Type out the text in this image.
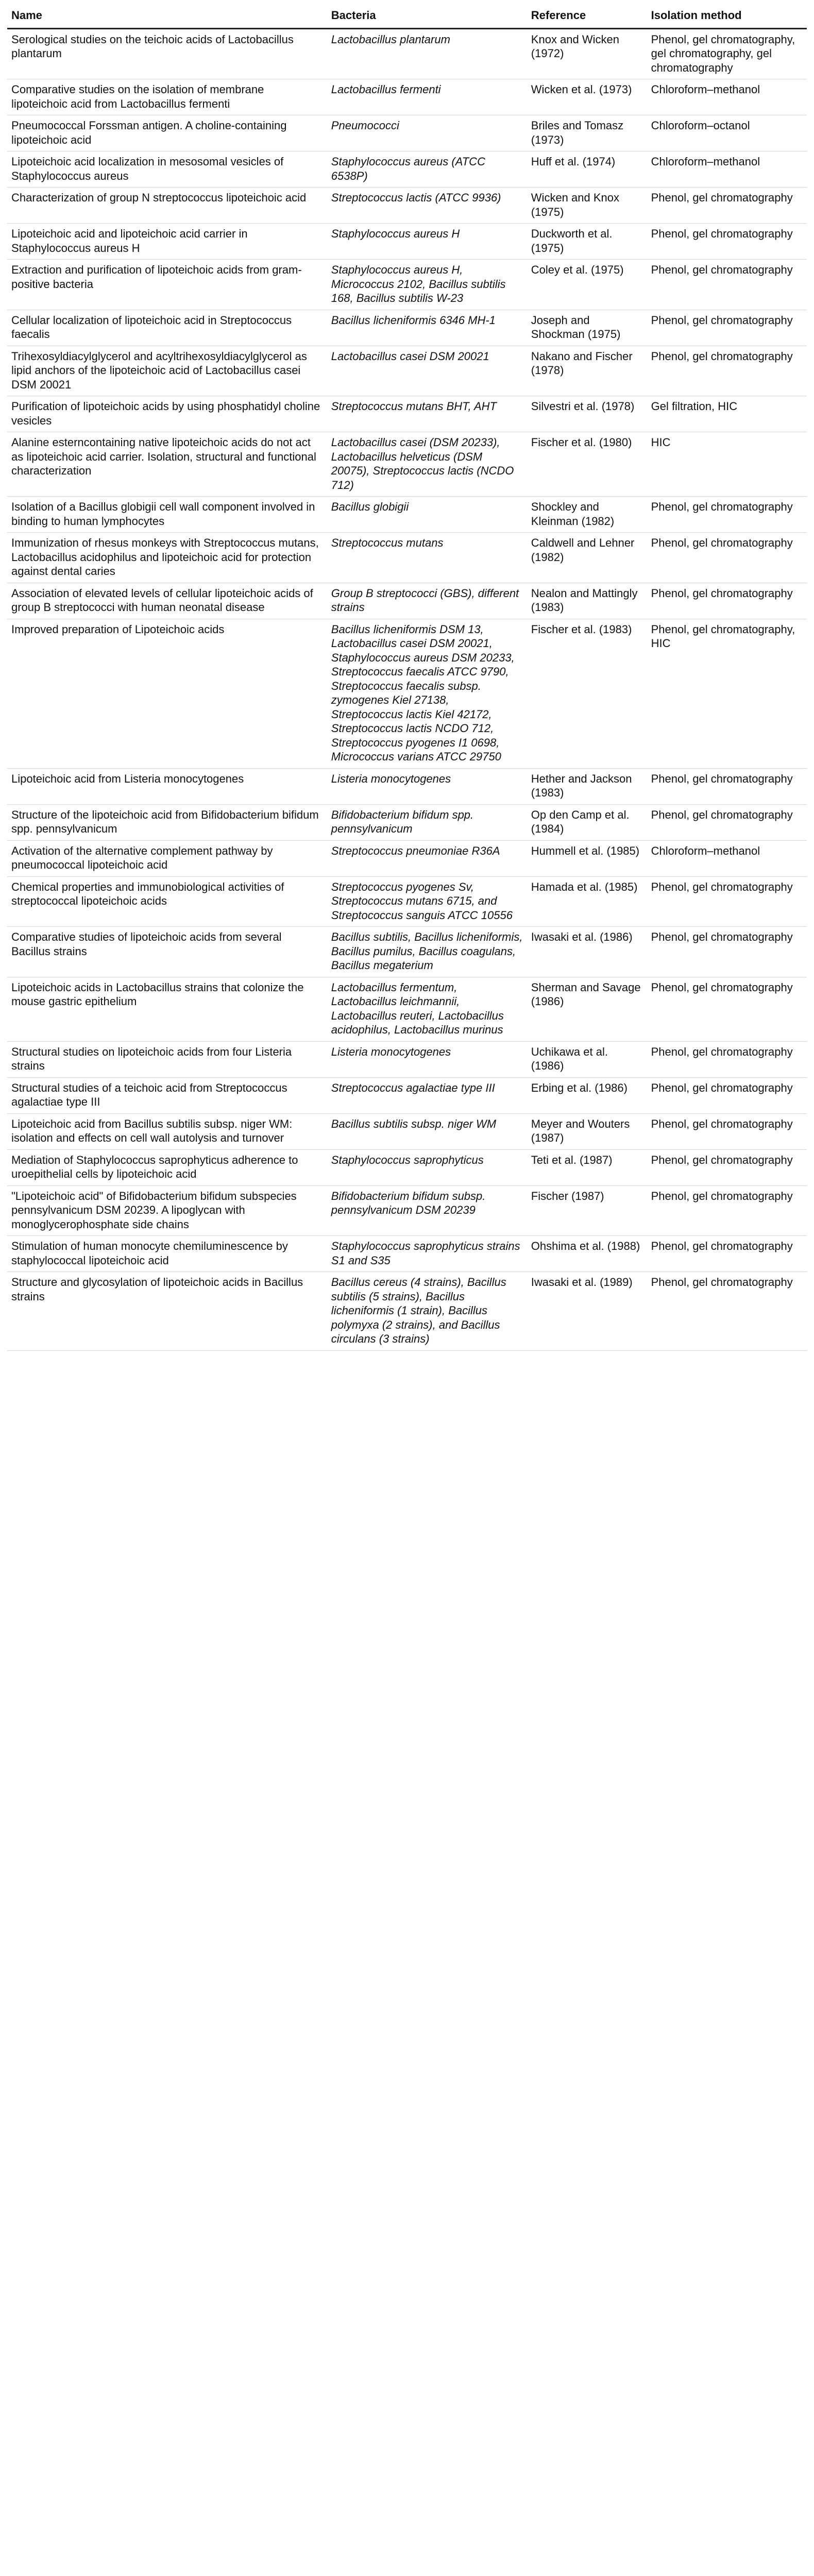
Name	Bacteria	Reference	Isolation method
Serological studies on the teichoic acids of Lactobacillus plantarum	Lactobacillus plantarum	Knox and Wicken (1972)	Phenol, gel chromatography, gel chromatography, gel chromatography
Comparative studies on the isolation of membrane lipoteichoic acid from Lactobacillus fermenti	Lactobacillus fermenti	Wicken et al. (1973)	Chloroform–methanol
Pneumococcal Forssman antigen. A choline-containing lipoteichoic acid	Pneumococci	Briles and Tomasz (1973)	Chloroform–octanol
Lipoteichoic acid localization in mesosomal vesicles of Staphylococcus aureus	Staphylococcus aureus (ATCC 6538P)	Huff et al. (1974)	Chloroform–methanol
Characterization of group N streptococcus lipoteichoic acid	Streptococcus lactis (ATCC 9936)	Wicken and Knox (1975)	Phenol, gel chromatography
Lipoteichoic acid and lipoteichoic acid carrier in Staphylococcus aureus H	Staphylococcus aureus H	Duckworth et al. (1975)	Phenol, gel chromatography
Extraction and purification of lipoteichoic acids from gram-positive bacteria	Staphylococcus aureus H, Micrococcus 2102, Bacillus subtilis 168, Bacillus subtilis W-23	Coley et al. (1975)	Phenol, gel chromatography
Cellular localization of lipoteichoic acid in Streptococcus faecalis	Bacillus licheniformis 6346 MH-1	Joseph and Shockman (1975)	Phenol, gel chromatography
Trihexosyldiacylglycerol and acyltrihexosyldiacylglycerol as lipid anchors of the lipoteichoic acid of Lactobacillus casei DSM 20021	Lactobacillus casei DSM 20021	Nakano and Fischer (1978)	Phenol, gel chromatography
Purification of lipoteichoic acids by using phosphatidyl choline vesicles	Streptococcus mutans BHT, AHT	Silvestri et al. (1978)	Gel filtration, HIC
Alanine esterncontaining native lipoteichoic acids do not act as lipoteichoic acid carrier. Isolation, structural and functional characterization	Lactobacillus casei (DSM 20233), Lactobacillus helveticus (DSM 20075), Streptococcus lactis (NCDO 712)	Fischer et al. (1980)	HIC
Isolation of a Bacillus globigii cell wall component involved in binding to human lymphocytes	Bacillus globigii	Shockley and Kleinman (1982)	Phenol, gel chromatography
Immunization of rhesus monkeys with Streptococcus mutans, Lactobacillus acidophilus and lipoteichoic acid for protection against dental caries	Streptococcus mutans	Caldwell and Lehner (1982)	Phenol, gel chromatography
Association of elevated levels of cellular lipoteichoic acids of group B streptococci with human neonatal disease	Group B streptococci (GBS), different strains	Nealon and Mattingly (1983)	Phenol, gel chromatography
Improved preparation of Lipoteichoic acids	Bacillus licheniformis DSM 13, Lactobacillus casei DSM 20021, Staphylococcus aureus DSM 20233, Streptococcus faecalis ATCC 9790, Streptococcus faecalis subsp. zymogenes Kiel 27138, Streptococcus lactis Kiel 42172, Streptococcus lactis NCDO 712, Streptococcus pyogenes I1 0698, Micrococcus varians ATCC 29750	Fischer et al. (1983)	Phenol, gel chromatography, HIC
Lipoteichoic acid from Listeria monocytogenes	Listeria monocytogenes	Hether and Jackson (1983)	Phenol, gel chromatography
Structure of the lipoteichoic acid from Bifidobacterium bifidum spp. pennsylvanicum	Bifidobacterium bifidum spp. pennsylvanicum	Op den Camp et al. (1984)	Phenol, gel chromatography
Activation of the alternative complement pathway by pneumococcal lipoteichoic acid	Streptococcus pneumoniae R36A	Hummell et al. (1985)	Chloroform–methanol
Chemical properties and immunobiological activities of streptococcal lipoteichoic acids	Streptococcus pyogenes Sv, Streptococcus mutans 6715, and Streptococcus sanguis ATCC 10556	Hamada et al. (1985)	Phenol, gel chromatography
Comparative studies of lipoteichoic acids from several Bacillus strains	Bacillus subtilis, Bacillus licheniformis, Bacillus pumilus, Bacillus coagulans, Bacillus megaterium	Iwasaki et al. (1986)	Phenol, gel chromatography
Lipoteichoic acids in Lactobacillus strains that colonize the mouse gastric epithelium	Lactobacillus fermentum, Lactobacillus leichmannii, Lactobacillus reuteri, Lactobacillus acidophilus, Lactobacillus murinus	Sherman and Savage (1986)	Phenol, gel chromatography
Structural studies on lipoteichoic acids from four Listeria strains	Listeria monocytogenes	Uchikawa et al. (1986)	Phenol, gel chromatography
Structural studies of a teichoic acid from Streptococcus agalactiae type III	Streptococcus agalactiae type III	Erbing et al. (1986)	Phenol, gel chromatography
Lipoteichoic acid from Bacillus subtilis subsp. niger WM: isolation and effects on cell wall autolysis and turnover	Bacillus subtilis subsp. niger WM	Meyer and Wouters (1987)	Phenol, gel chromatography
Mediation of Staphylococcus saprophyticus adherence to uroepithelial cells by lipoteichoic acid	Staphylococcus saprophyticus	Teti et al. (1987)	Phenol, gel chromatography
"Lipoteichoic acid" of Bifidobacterium bifidum subspecies pennsylvanicum DSM 20239. A lipoglycan with monoglycerophosphate side chains	Bifidobacterium bifidum subsp. pennsylvanicum DSM 20239	Fischer (1987)	Phenol, gel chromatography
Stimulation of human monocyte chemiluminescence by staphylococcal lipoteichoic acid	Staphylococcus saprophyticus strains S1 and S35	Ohshima et al. (1988)	Phenol, gel chromatography
Structure and glycosylation of lipoteichoic acids in Bacillus strains	Bacillus cereus (4 strains), Bacillus subtilis (5 strains), Bacillus licheniformis (1 strain), Bacillus polymyxa (2 strains), and Bacillus circulans (3 strains)	Iwasaki et al. (1989)	Phenol, gel chromatography
